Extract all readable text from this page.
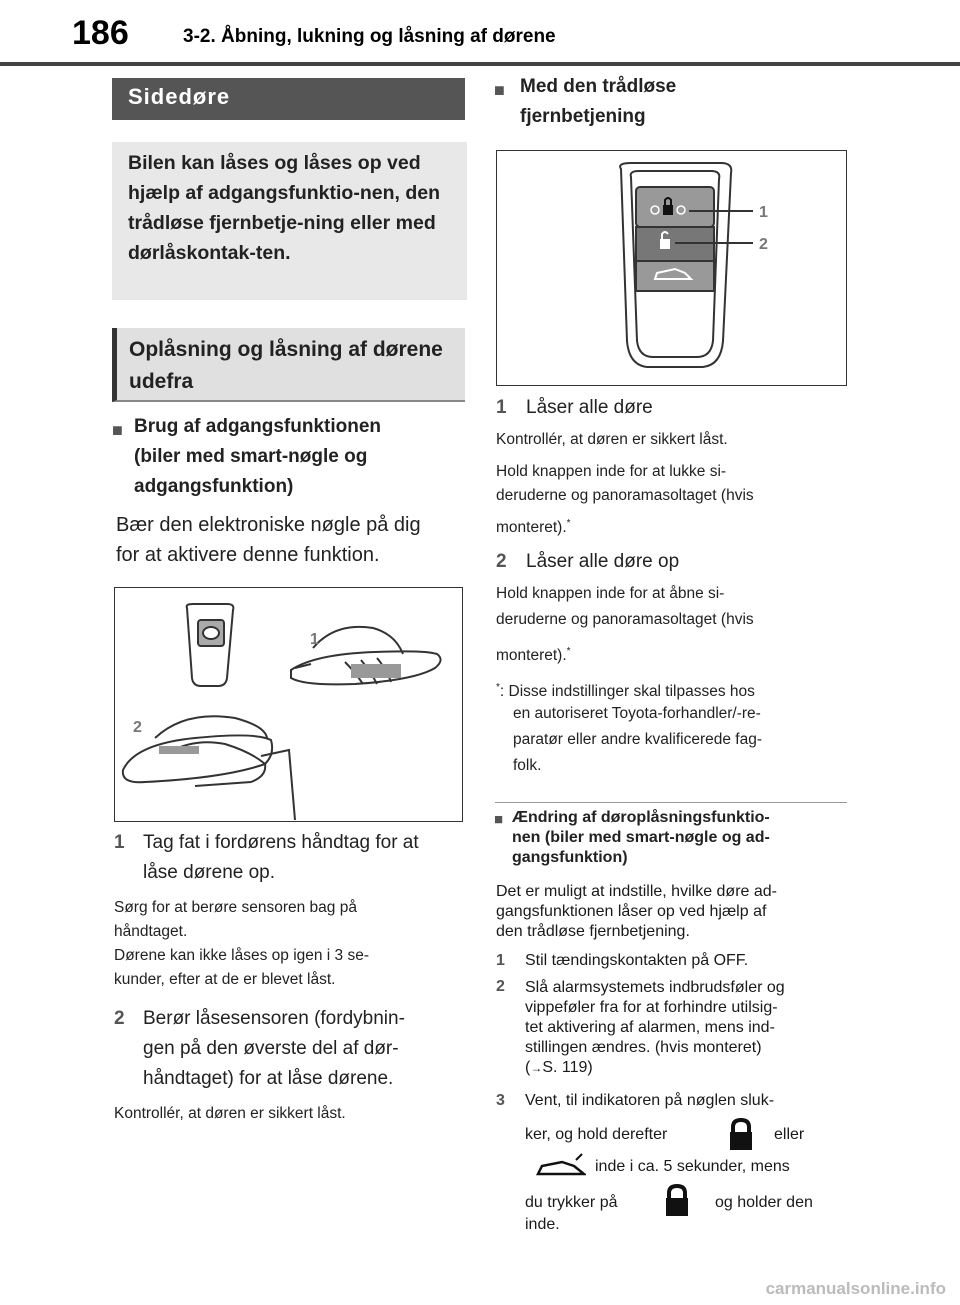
186	3-2. Åbning, lukning og låsning af dørene
Sidedøre

Bilen kan låses og låses op ved hjælp af adgangsfunktio-nen, den trådløse fjernbetje-ning eller med dørlåskontak-ten.

Oplåsning og låsning af dørene udefra
■ Brug af adgangsfunktionen
(biler med smart-nøgle og
adgangsfunktion)
Bær den elektroniske nøgle på dig
for at aktivere denne funktion.
1
2
1 Tag fat i fordørens håndtag for at
låse dørene op.
Sørg for at berøre sensoren bag på
håndtaget.
Dørene kan ikke låses op igen i 3 se-
kunder, efter at de er blevet låst.
2 Berør låsesensoren (fordybnin-
gen på den øverste del af dør-
håndtaget) for at låse dørene.
Kontrollér, at døren er sikkert låst.
■ Med den trådløse
fjernbetjening
1
2
1 Låser alle døre
Kontrollér, at døren er sikkert låst.
Hold knappen inde for at lukke si-
deruderne og panoramasoltaget (hvis
monteret).*
2 Låser alle døre op
Hold knappen inde for at åbne si-
deruderne og panoramasoltaget (hvis
monteret).*
*: Disse indstillinger skal tilpasses hos
en autoriseret Toyota-forhandler/-re-
paratør eller andre kvalificerede fag-
folk.
■ Ændring af døroplåsningsfunktio-
nen (biler med smart-nøgle og ad-
gangsfunktion)
Det er muligt at indstille, hvilke døre ad-
gangsfunktionen låser op ved hjælp af
den trådløse fjernbetjening.
1 Stil tændingskontakten på OFF.
2 Slå alarmsystemets indbrudsføler og
vippeføler fra for at forhindre utilsig-
tet aktivering af alarmen, mens ind-
stillingen ændres. (hvis monteret)
(→S. 119)
3 Vent, til indikatoren på nøglen sluk-
ker, og hold derefter	eller
inde i ca. 5 sekunder, mens
du trykker på	og holder den
inde.
carmanualsonline.info
